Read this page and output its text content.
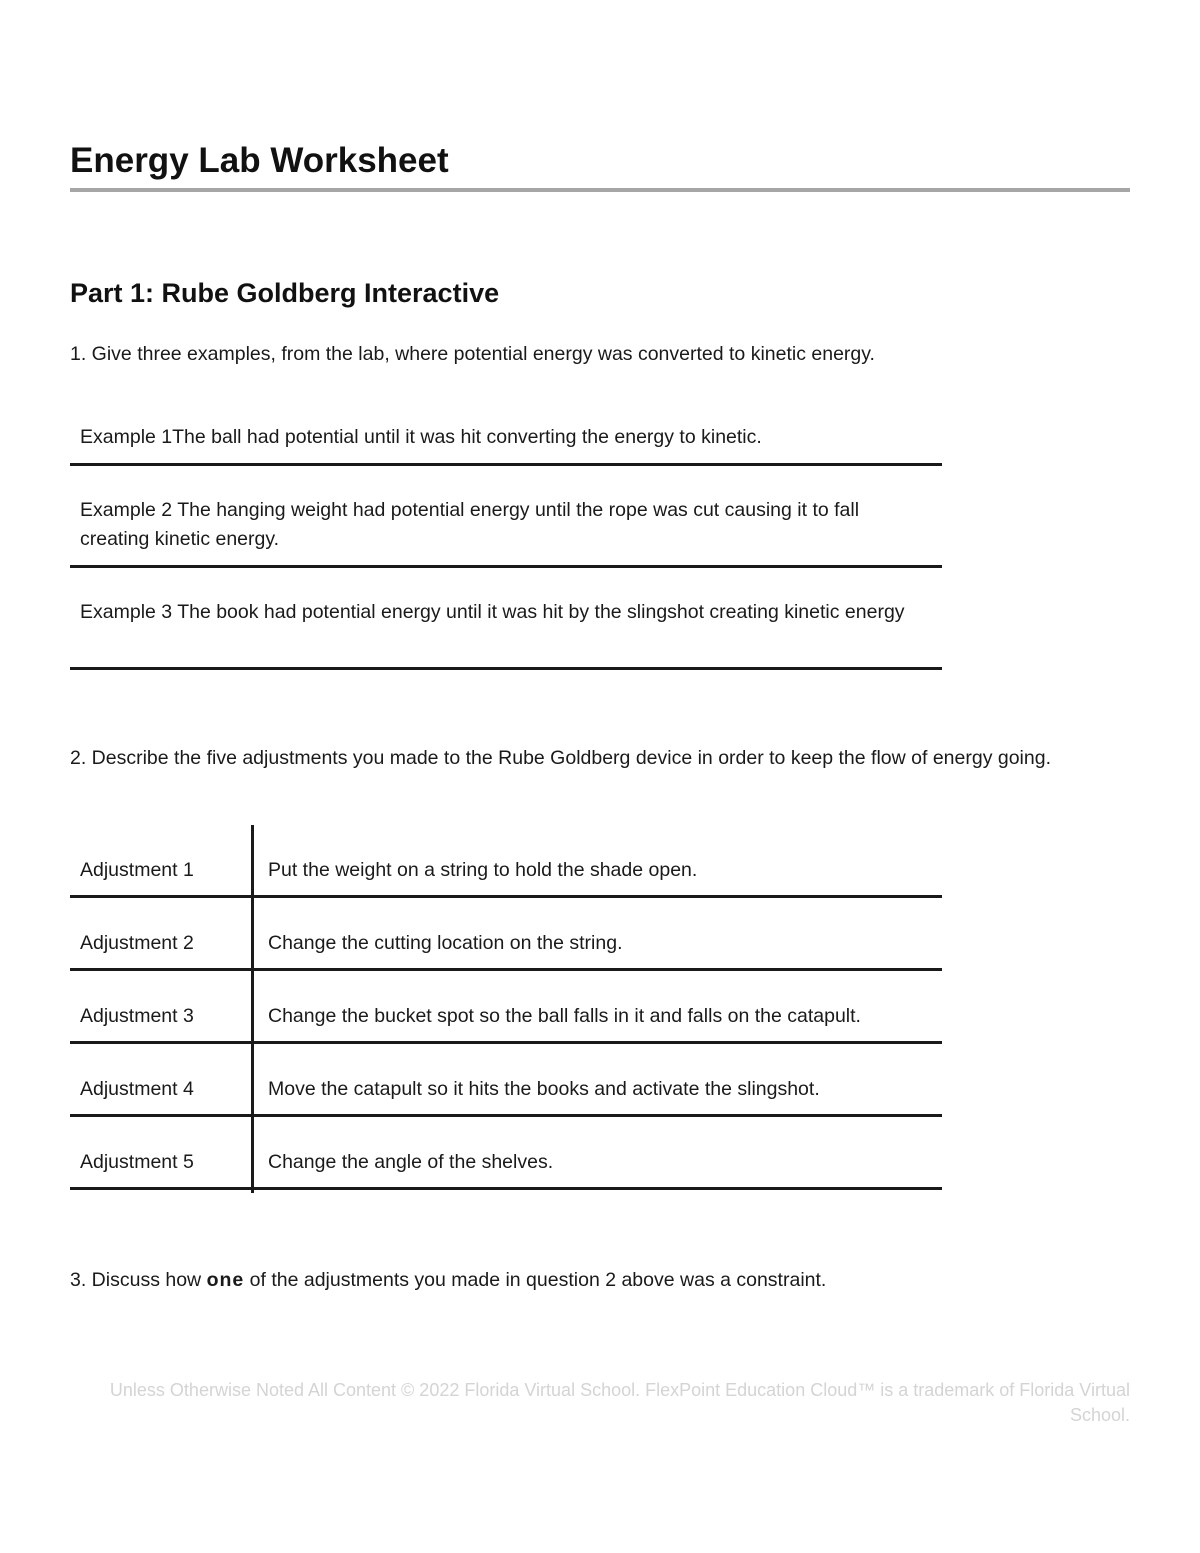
Energy Lab Worksheet
Part 1: Rube Goldberg Interactive

1. Give three examples, from the lab, where potential energy was converted to kinetic energy.

Example 1The ball had potential until it was hit converting the energy to kinetic.
Example 2 The hanging weight had potential energy until the rope was cut causing it to fall creating kinetic energy.
Example 3 The book had potential energy until it was hit by the slingshot creating kinetic energy

2. Describe the five adjustments you made to the Rube Goldberg device in order to keep the flow of energy going.

Adjustment 1	Put the weight on a string to hold the shade open.
Adjustment 2	Change the cutting location on the string.
Adjustment 3	Change the bucket spot so the ball falls in it and falls on the catapult.
Adjustment 4	Move the catapult so it hits the books and activate the slingshot.
Adjustment 5	Change the angle of the shelves.

3. Discuss how one of the adjustments you made in question 2 above was a constraint.

Unless Otherwise Noted All Content © 2022 Florida Virtual School. FlexPoint Education Cloud™ is a trademark of Florida Virtual School.
